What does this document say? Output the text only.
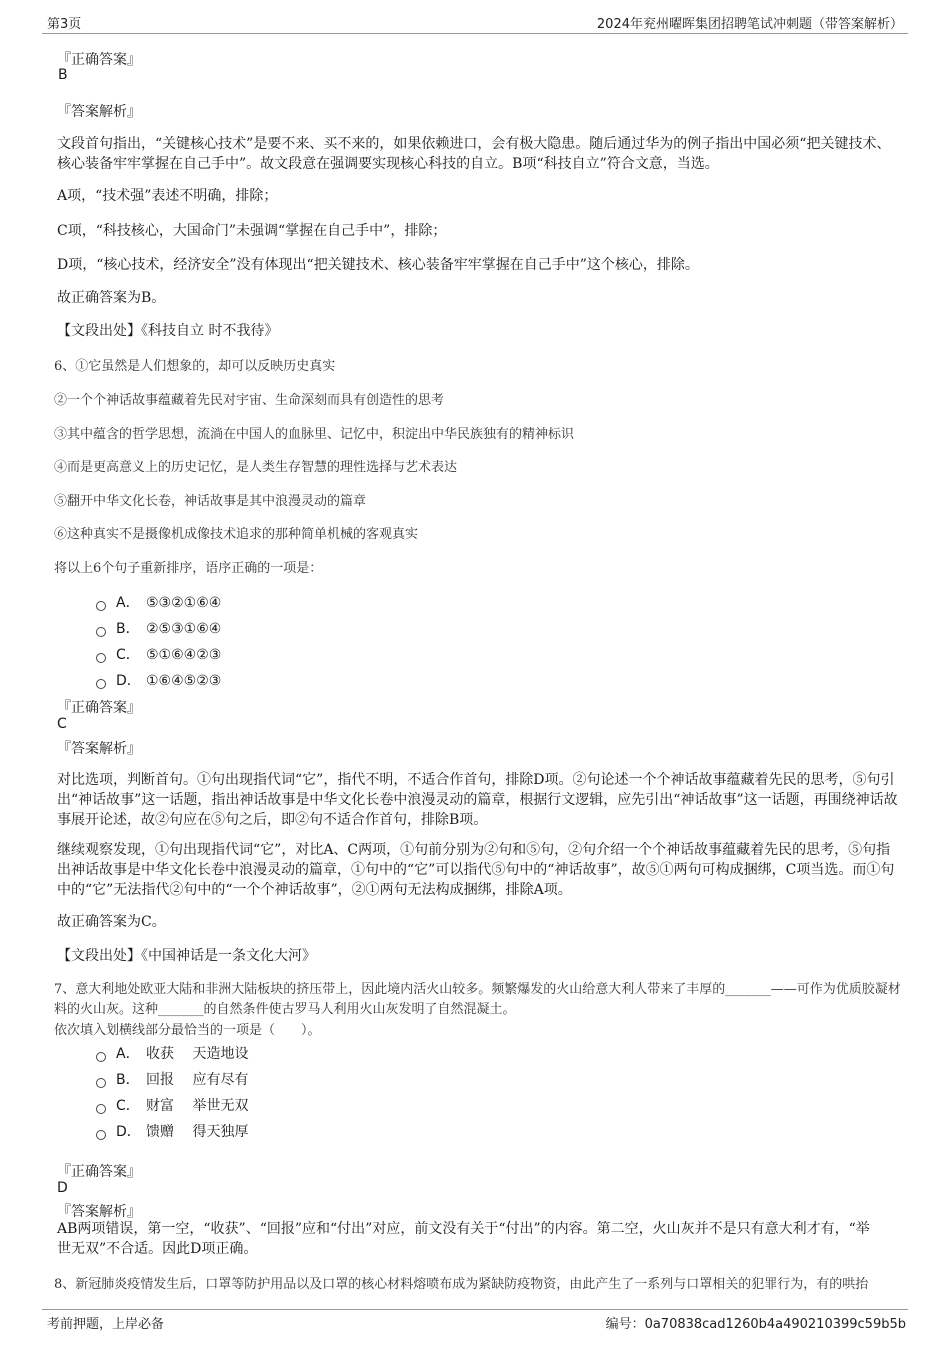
第3页	2024年兖州曜晖集团招聘笔试冲刺题（带答案解析）
『正确答案』
B
『答案解析』
文段首句指出，“关键核心技术”是要不来、买不来的，如果依赖进口，会有极大隐患。随后通过华为的例子指出中国必须“把关键技术、核心装备牢牢掌握在自己手中”。故文段意在强调要实现核心科技的自立。B项“科技自立”符合文意，当选。
A项，“技术强”表述不明确，排除；
C项，“科技核心，大国命门”未强调“掌握在自己手中”，排除；
D项，“核心技术，经济安全”没有体现出“把关键技术、核心装备牢牢掌握在自己手中”这个核心，排除。
故正确答案为B。
【文段出处】《科技自立 时不我待》
6、①它虽然是人们想象的，却可以反映历史真实
②一个个神话故事蕴藏着先民对宇宙、生命深刻而具有创造性的思考
③其中蕴含的哲学思想，流淌在中国人的血脉里、记忆中，积淀出中华民族独有的精神标识
④而是更高意义上的历史记忆，是人类生存智慧的理性选择与艺术表达
⑤翻开中华文化长卷，神话故事是其中浪漫灵动的篇章
⑥这种真实不是摄像机成像技术追求的那种简单机械的客观真实
将以上6个句子重新排序，语序正确的一项是：
A． ⑤③②①⑥④
B． ②⑤③①⑥④
C． ⑤①⑥④②③
D． ①⑥④⑤②③
『正确答案』
C
『答案解析』
对比选项，判断首句。①句出现指代词“它”，指代不明，不适合作首句，排除D项。②句论述一个个神话故事蕴藏着先民的思考，⑤句引出“神话故事”这一话题，指出神话故事是中华文化长卷中浪漫灵动的篇章，根据行文逻辑，应先引出“神话故事”这一话题，再围绕神话故事展开论述，故②句应在⑤句之后，即②句不适合作首句，排除B项。
继续观察发现，①句出现指代词“它”，对比A、C两项，①句前分别为②句和⑤句，②句介绍一个个神话故事蕴藏着先民的思考，⑤句指出神话故事是中华文化长卷中浪漫灵动的篇章，①句中的“它”可以指代⑤句中的“神话故事”，故⑤①两句可构成捆绑，C项当选。而①句中的“它”无法指代②句中的“一个个神话故事”，②①两句无法构成捆绑，排除A项。
故正确答案为C。
【文段出处】《中国神话是一条文化大河》
7、意大利地处欧亚大陆和非洲大陆板块的挤压带上，因此境内活火山较多。频繁爆发的火山给意大利人带来了丰厚的_______——可作为优质胶凝材料的火山灰。这种_______的自然条件使古罗马人利用火山灰发明了自然混凝土。
依次填入划横线部分最恰当的一项是（　　）。
A． 收获　 天造地设
B． 回报　 应有尽有
C． 财富　 举世无双
D． 馈赠　 得天独厚
『正确答案』
D
『答案解析』
AB两项错误，第一空，“收获”、“回报”应和“付出”对应，前文没有关于“付出”的内容。第二空，火山灰并不是只有意大利才有，“举世无双”不合适。因此D项正确。
8、新冠肺炎疫情发生后，口罩等防护用品以及口罩的核心材料熔喷布成为紧缺防疫物资，由此产生了一系列与口罩相关的犯罪行为，有的哄抬
考前押题，上岸必备	编号：0a70838cad1260b4a490210399c59b5b
